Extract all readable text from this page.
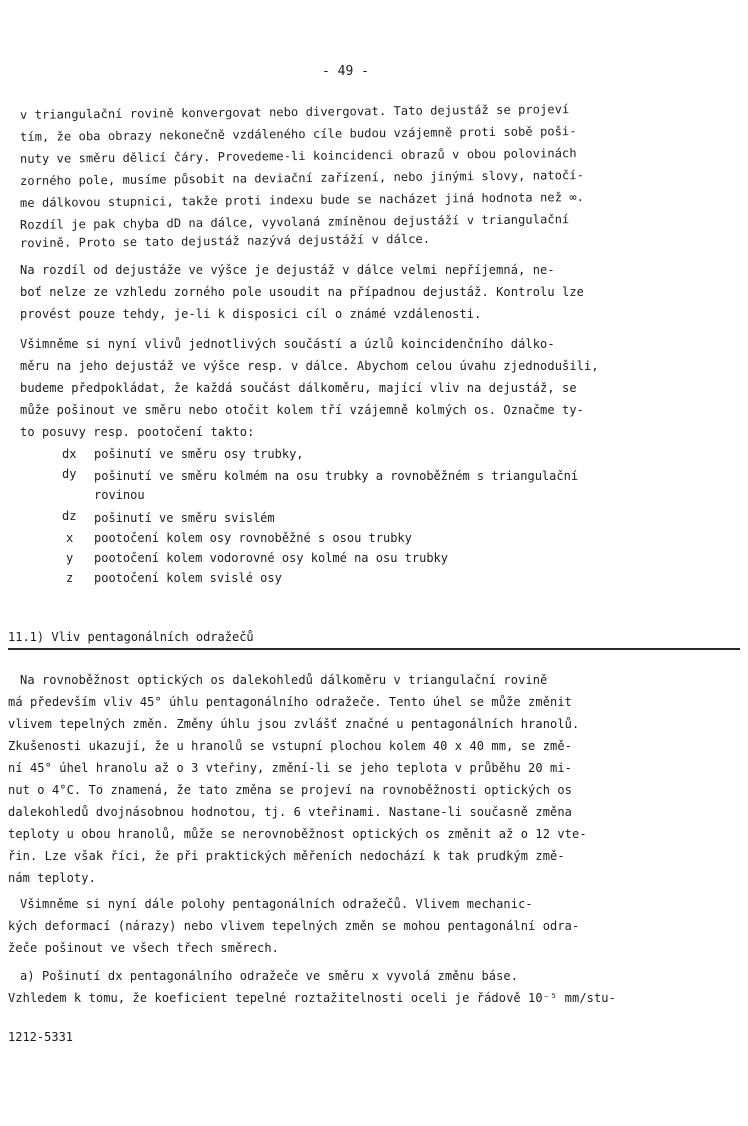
- 49 -
v triangulační rovině konvergovat nebo divergovat. Tato dejustáž se projeví
tím, že oba obrazy nekonečně vzdáleného cíle budou vzájemně proti sobě poši-
nuty ve směru dělicí čáry. Provedeme-li koincidenci obrazů v obou polovinách
zorného pole, musíme působit na deviační zařízení, nebo jinými slovy, natočí-
me dálkovou stupnici, takže proti indexu bude se nacházet jiná hodnota než ∞.
Rozdíl je pak chyba dD na dálce, vyvolaná zmíněnou dejustáží v triangulační
rovině. Proto se tato dejustáž nazývá dejustáží v dálce.
Na rozdíl od dejustáže ve výšce je dejustáž v dálce velmi nepříjemná, ne-
boť nelze ze vzhledu zorného pole usoudit na případnou dejustáž. Kontrolu lze
provést pouze tehdy, je-li k disposici cíl o známé vzdálenosti.
Všimněme si nyní vlivů jednotlivých součástí a úzlů koincidenčního dálko-
měru na jeho dejustáž ve výšce resp. v dálce. Abychom celou úvahu zjednodušili,
budeme předpokládat, že každá součást dálkoměru, mající vliv na dejustáž, se
může pošinout ve směru nebo otočit kolem tří vzájemně kolmých os. Označme ty-
to posuvy resp. pootočení takto:
dx pošinutí ve směru osy trubky,
dy pošinutí ve směru kolmém na osu trubky a rovnoběžném s triangulační
rovinou
dz pošinutí ve směru svislém
x pootočení kolem osy rovnoběžné s osou trubky
y pootočení kolem vodorovné osy kolmé na osu trubky
z pootočení kolem svislé osy
11.1) Vliv pentagonálních odražečů
Na rovnoběžnost optických os dalekohledů dálkoměru v triangulační rovině
má především vliv 45° úhlu pentagonálního odražeče. Tento úhel se může změnit
vlivem tepelných změn. Změny úhlu jsou zvlášť značné u pentagonálních hranolů.
Zkušenosti ukazují, že u hranolů se vstupní plochou kolem 40 x 40 mm, se změ-
ní 45° úhel hranolu až o 3 vteřiny, změní-li se jeho teplota v průběhu 20 mi-
nut o 4°C. To znamená, že tato změna se projeví na rovnoběžnosti optických os
dalekohledů dvojnásobnou hodnotou, tj. 6 vteřinami. Nastane-li současně změna
teploty u obou hranolů, může se nerovnoběžnost optických os změnit až o 12 vte-
řin. Lze však říci, že při praktických měřeních nedochází k tak prudkým změ-
nám teploty.
Všimněme si nyní dále polohy pentagonálních odražečů. Vlivem mechanic-
kých deformací (nárazy) nebo vlivem tepelných změn se mohou pentagonální odra-
žeče pošinout ve všech třech směrech.
a) Pošinutí dx pentagonálního odražeče ve směru x vyvolá změnu báse.
Vzhledem k tomu, že koeficient tepelné roztažitelnosti oceli je řádově 10⁻⁵ mm/stu-
1212-5331
